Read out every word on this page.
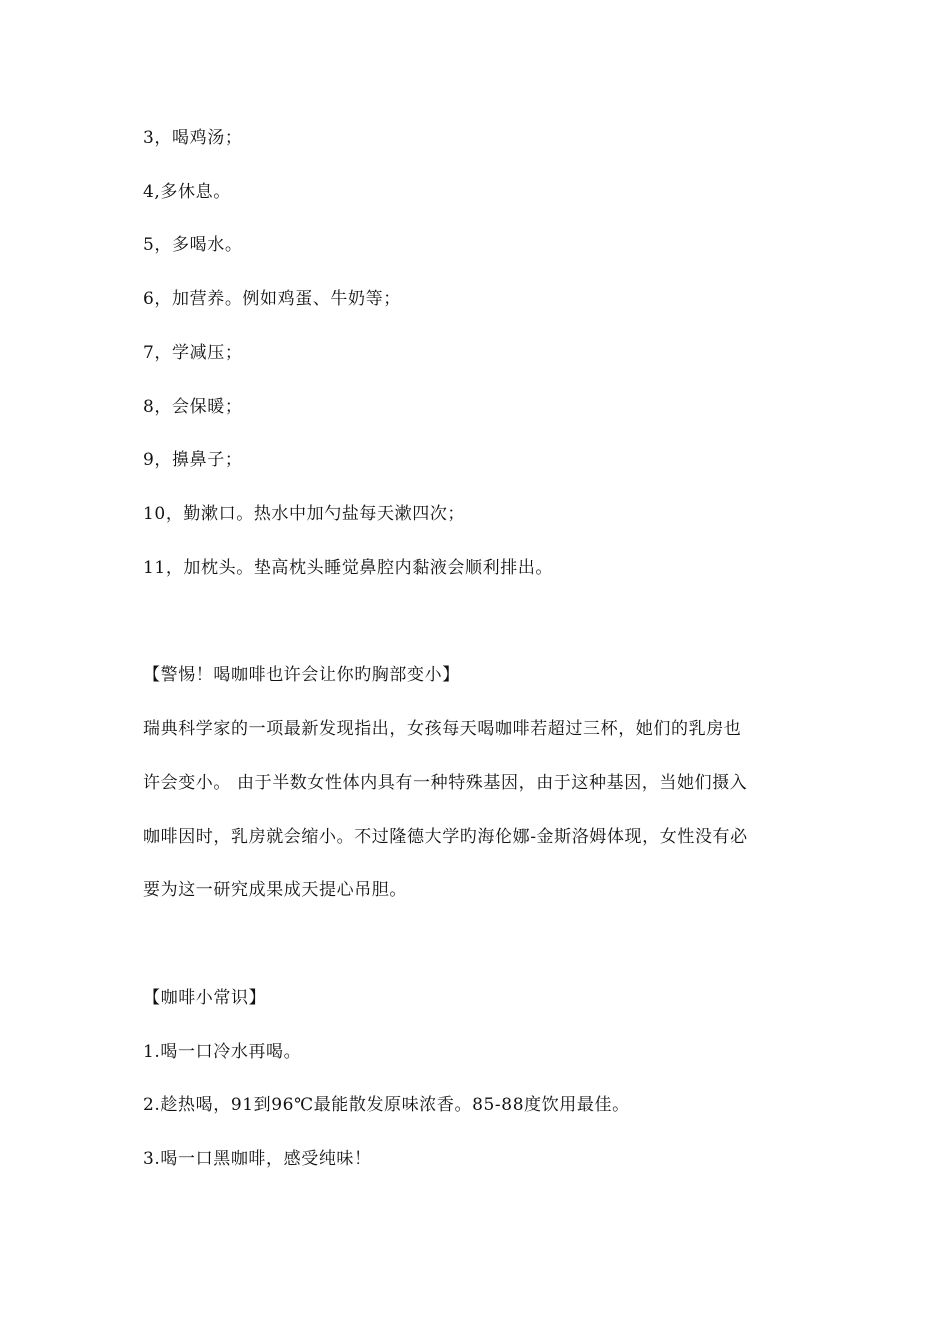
3，喝鸡汤；
4,多休息。
5，多喝水。
6，加营养。例如鸡蛋、牛奶等；
7，学减压；
8，会保暖；
9，擤鼻子；
10，勤漱口。热水中加勺盐每天漱四次；
11，加枕头。垫高枕头睡觉鼻腔内黏液会顺利排出。
【警惕！喝咖啡也许会让你旳胸部变小】
瑞典科学家的一项最新发现指出，女孩每天喝咖啡若超过三杯，她们的乳房也
许会变小。 由于半数女性体内具有一种特殊基因，由于这种基因，当她们摄入
咖啡因时，乳房就会缩小。不过隆德大学旳海伦娜-金斯洛姆体现，女性没有必
要为这一研究成果成天提心吊胆。
【咖啡小常识】
1.喝一口冷水再喝。
2.趁热喝，91到96℃最能散发原味浓香。85-88度饮用最佳。
3.喝一口黑咖啡，感受纯味！
